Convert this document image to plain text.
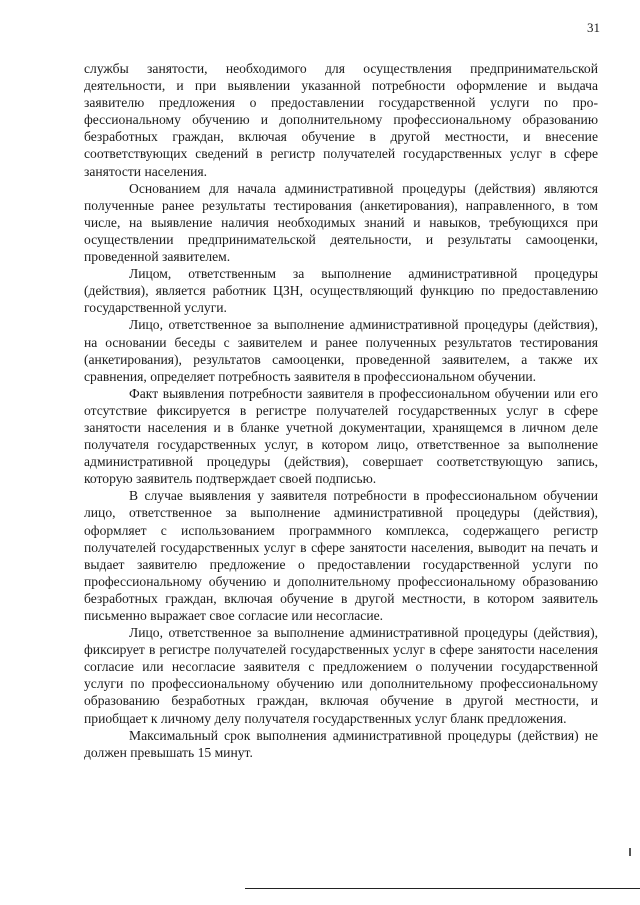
31

службы занятости, необходимого для осуществления предпринимательской деятельности, и при выявлении указанной потребности оформление и выдача заявителю предложения о предоставлении государственной услуги по профессиональному обучению и дополнительному профессиональному образованию безработных граждан, включая обучение в другой местности, и внесение соответствующих сведений в регистр получателей государственных услуг в сфере занятости населения.

Основанием для начала административной процедуры (действия) являются полученные ранее результаты тестирования (анкетирования), направленного, в том числе, на выявление наличия необходимых знаний и навыков, требующихся при осуществлении предпринимательской деятельности, и результаты самооценки, проведенной заявителем.

Лицом, ответственным за выполнение административной процедуры (действия), является работник ЦЗН, осуществляющий функцию по предоставлению государственной услуги.

Лицо, ответственное за выполнение административной процедуры (действия), на основании беседы с заявителем и ранее полученных результатов тестирования (анкетирования), результатов самооценки, проведенной заявителем, а также их сравнения, определяет потребность заявителя в профессиональном обучении.

Факт выявления потребности заявителя в профессиональном обучении или его отсутствие фиксируется в регистре получателей государственных услуг в сфере занятости населения и в бланке учетной документации, хранящемся в личном деле получателя государственных услуг, в котором лицо, ответственное за выполнение административной процедуры (действия), совершает соответствующую запись, которую заявитель подтверждает своей подписью.

В случае выявления у заявителя потребности в профессиональном обучении лицо, ответственное за выполнение административной процедуры (действия), оформляет с использованием программного комплекса, содержащего регистр получателей государственных услуг в сфере занятости населения, выводит на печать и выдает заявителю предложение о предоставлении государственной услуги по профессиональному обучению и дополнительному профессиональному образованию безработных граждан, включая обучение в другой местности, в котором заявитель письменно выражает свое согласие или несогласие.

Лицо, ответственное за выполнение административной процедуры (действия), фиксирует в регистре получателей государственных услуг в сфере занятости населения согласие или несогласие заявителя с предложением о получении государственной услуги по профессиональному обучению или дополнительному профессиональному образованию безработных граждан, включая обучение в другой местности, и приобщает к личному делу получателя государственных услуг бланк предложения.

Максимальный срок выполнения административной процедуры (действия) не должен превышать 15 минут.
